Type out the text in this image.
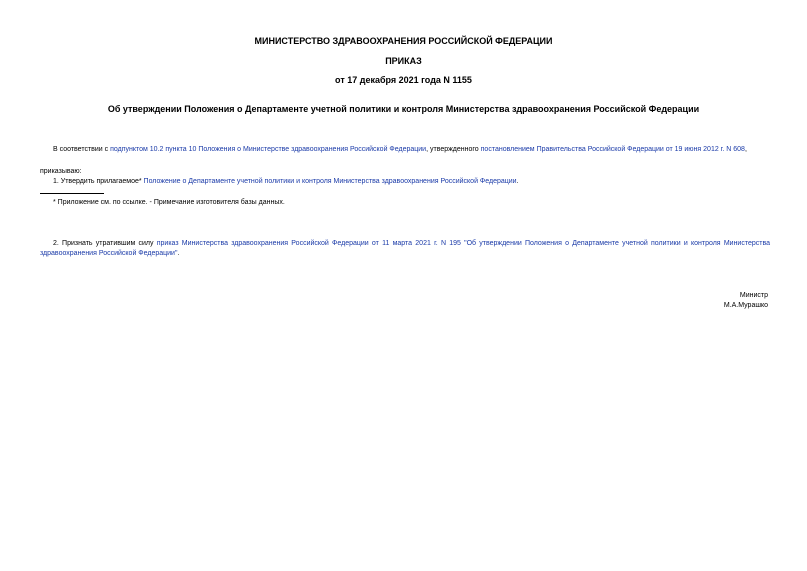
МИНИСТЕРСТВО ЗДРАВООХРАНЕНИЯ РОССИЙСКОЙ ФЕДЕРАЦИИ
ПРИКАЗ
от 17 декабря 2021 года N 1155
Об утверждении Положения о Департаменте учетной политики и контроля Министерства здравоохранения Российской Федерации
В соответствии с подпунктом 10.2 пункта 10 Положения о Министерстве здравоохранения Российской Федерации, утвержденного постановлением Правительства Российской Федерации от 19 июня 2012 г. N 608,
приказываю:
1. Утвердить прилагаемое* Положение о Департаменте учетной политики и контроля Министерства здравоохранения Российской Федерации.
* Приложение см. по ссылке. - Примечание изготовителя базы данных.
2. Признать утратившим силу приказ Министерства здравоохранения Российской Федерации от 11 марта 2021 г. N 195 "Об утверждении Положения о Департаменте учетной политики и контроля Министерства здравоохранения Российской Федерации".
Министр
М.А.Мурашко
